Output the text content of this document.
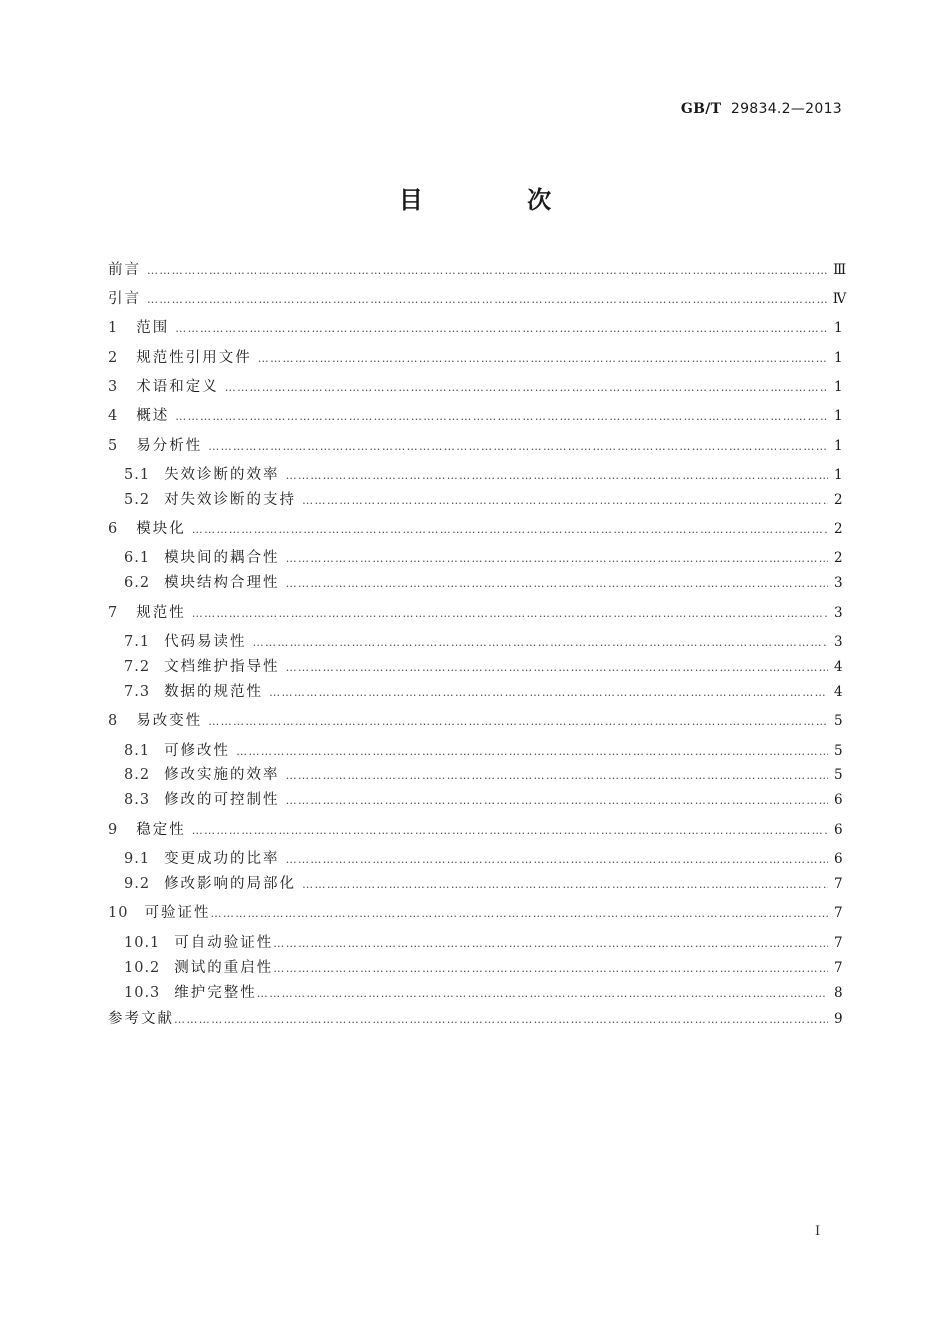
GB/T 29834.2—2013
目 次
前言 ……………………………………………………………………………………………………………………………………………………………………………………………………………………	Ⅲ
引言 ……………………………………………………………………………………………………………………………………………………………………………………………………………………	Ⅳ
1 范围 ……………………………………………………………………………………………………………………………………………………………………………………………………………………	1
2 规范性引用文件 ……………………………………………………………………………………………………………………………………………………………………………………………………………………	1
3 术语和定义 ……………………………………………………………………………………………………………………………………………………………………………………………………………………	1
4 概述 ……………………………………………………………………………………………………………………………………………………………………………………………………………………	1
5 易分析性 ……………………………………………………………………………………………………………………………………………………………………………………………………………………	1
5.1 失效诊断的效率 ……………………………………………………………………………………………………………………………………………………………………………………………………………………	1
5.2 对失效诊断的支持 ……………………………………………………………………………………………………………………………………………………………………………………………………………………	2
6 模块化 ……………………………………………………………………………………………………………………………………………………………………………………………………………………	2
6.1 模块间的耦合性 ……………………………………………………………………………………………………………………………………………………………………………………………………………………	2
6.2 模块结构合理性 ……………………………………………………………………………………………………………………………………………………………………………………………………………………	3
7 规范性 ……………………………………………………………………………………………………………………………………………………………………………………………………………………	3
7.1 代码易读性 ……………………………………………………………………………………………………………………………………………………………………………………………………………………	3
7.2 文档维护指导性 ……………………………………………………………………………………………………………………………………………………………………………………………………………………	4
7.3 数据的规范性 ……………………………………………………………………………………………………………………………………………………………………………………………………………………	4
8 易改变性 ……………………………………………………………………………………………………………………………………………………………………………………………………………………	5
8.1 可修改性 ……………………………………………………………………………………………………………………………………………………………………………………………………………………	5
8.2 修改实施的效率 ……………………………………………………………………………………………………………………………………………………………………………………………………………………	5
8.3 修改的可控制性 ……………………………………………………………………………………………………………………………………………………………………………………………………………………	6
9 稳定性 ……………………………………………………………………………………………………………………………………………………………………………………………………………………	6
9.1 变更成功的比率 ……………………………………………………………………………………………………………………………………………………………………………………………………………………	6
9.2 修改影响的局部化 ……………………………………………………………………………………………………………………………………………………………………………………………………………………	7
10 可验证性 ……………………………………………………………………………………………………………………………………………………………………………………………………………………	7
10.1 可自动验证性 ……………………………………………………………………………………………………………………………………………………………………………………………………………………	7
10.2 测试的重启性 ……………………………………………………………………………………………………………………………………………………………………………………………………………………	7
10.3 维护完整性 ……………………………………………………………………………………………………………………………………………………………………………………………………………………	8
参考文献 ……………………………………………………………………………………………………………………………………………………………………………………………………………………	9
Ⅰ
